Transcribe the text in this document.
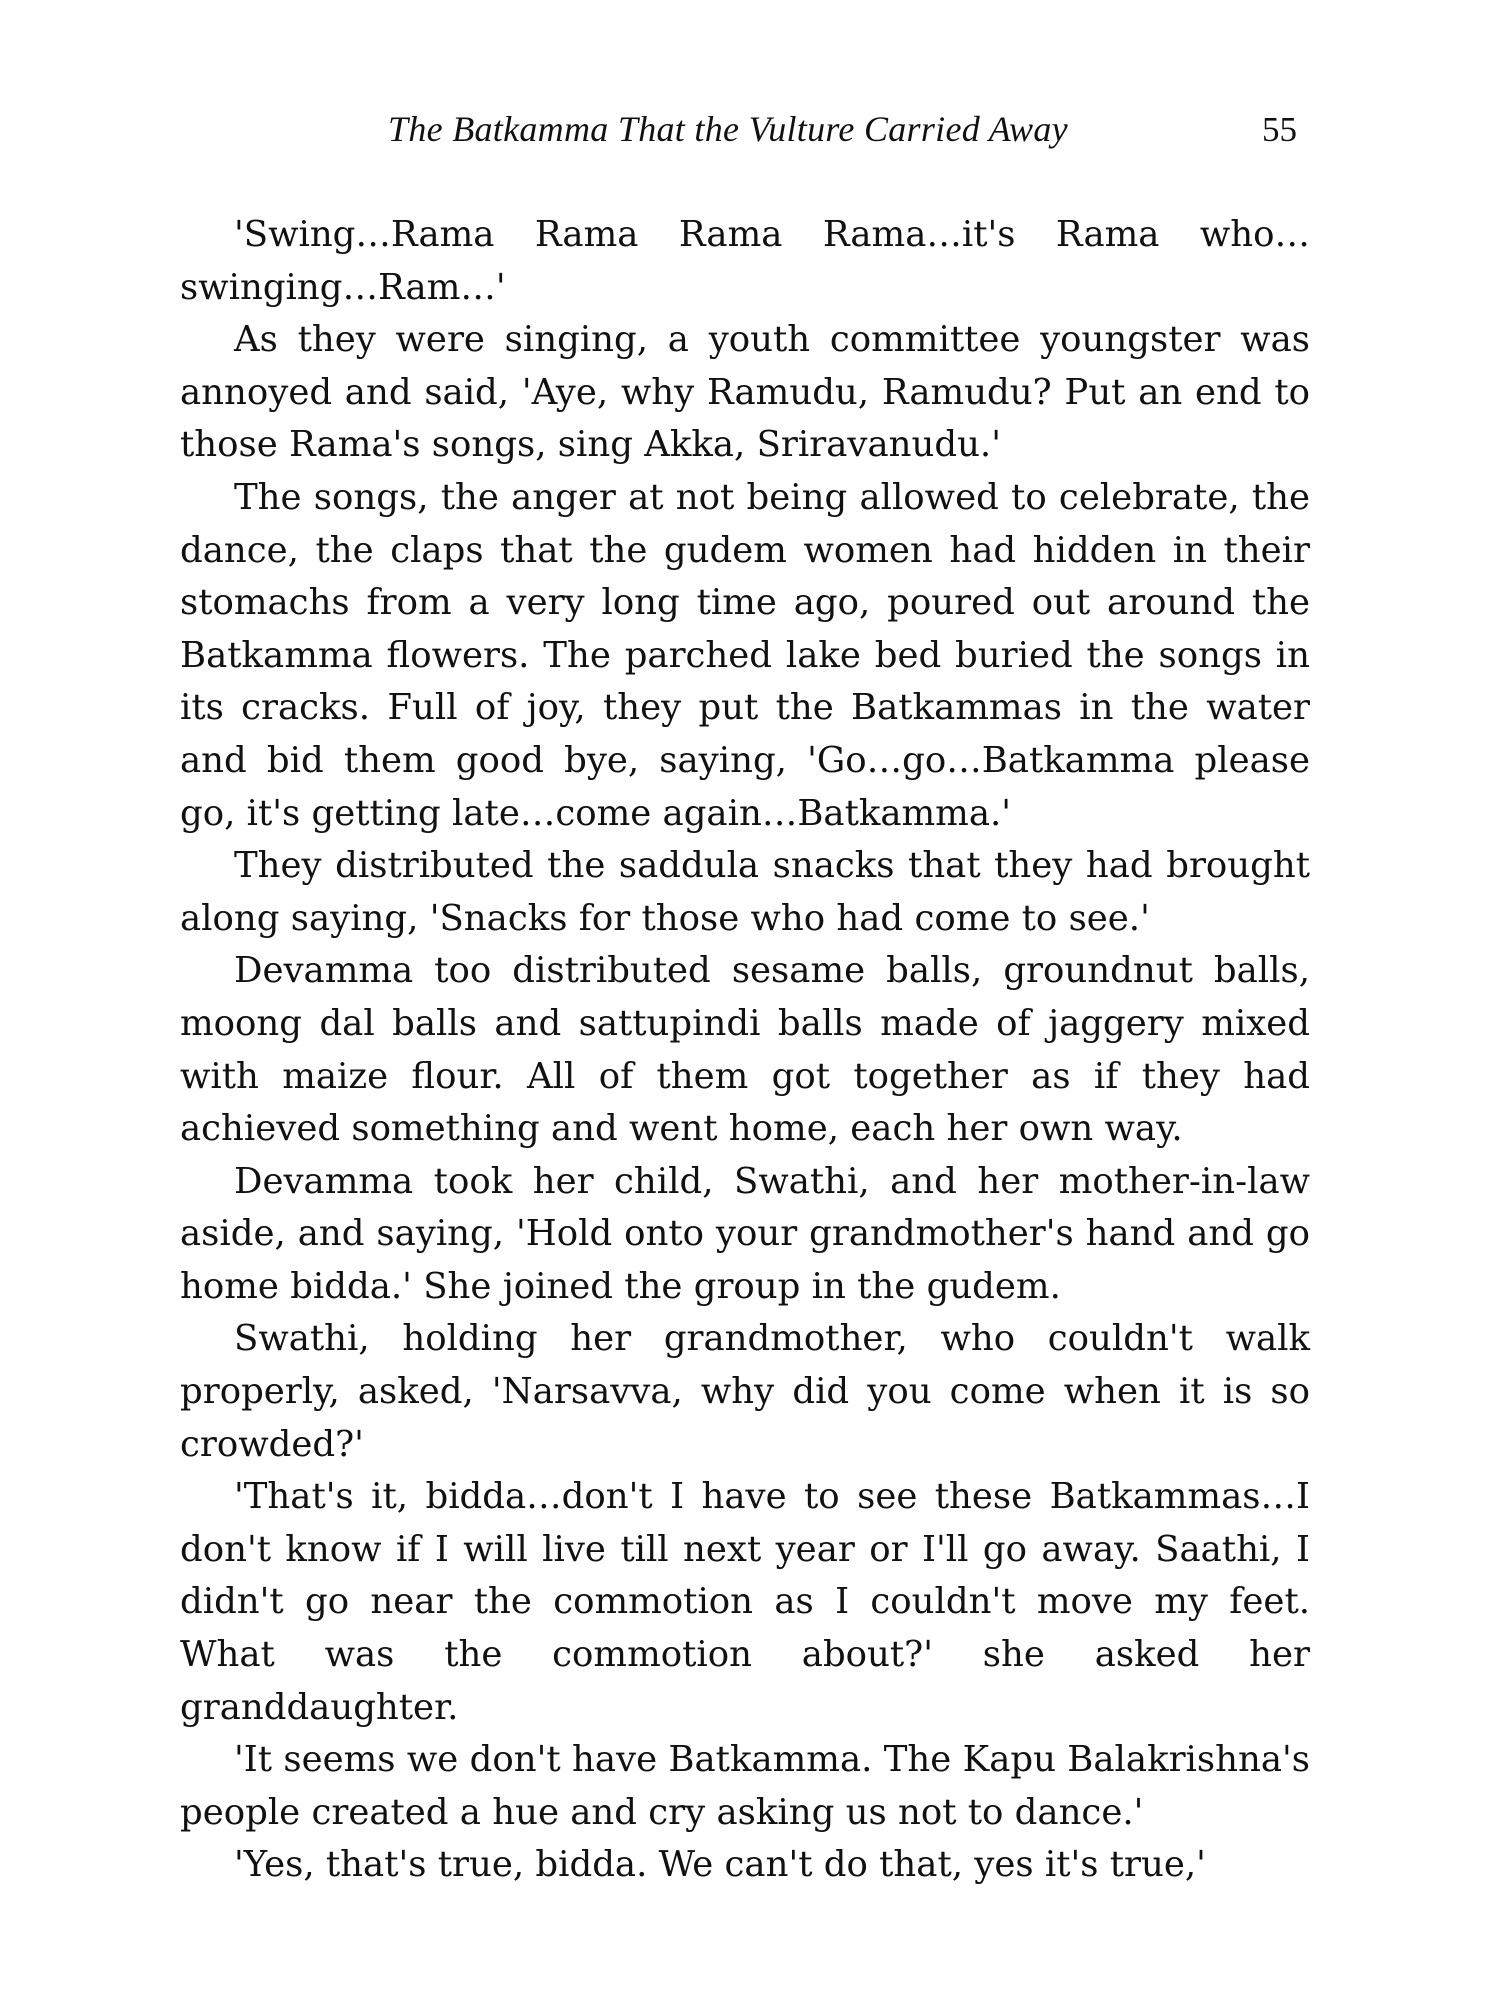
The Batkamma That the Vulture Carried Away	55

'Swing…Rama Rama Rama Rama…it's Rama who… swinging…Ram…'

As they were singing, a youth committee youngster was annoyed and said, 'Aye, why Ramudu, Ramudu? Put an end to those Rama's songs, sing Akka, Sriravanudu.'

The songs, the anger at not being allowed to celebrate, the dance, the claps that the gudem women had hidden in their stomachs from a very long time ago, poured out around the Batkamma flowers. The parched lake bed buried the songs in its cracks. Full of joy, they put the Batkammas in the water and bid them good bye, saying, 'Go…go…Batkamma please go, it's getting late…come again…Batkamma.'

They distributed the saddula snacks that they had brought along saying, 'Snacks for those who had come to see.'

Devamma too distributed sesame balls, groundnut balls, moong dal balls and sattupindi balls made of jaggery mixed with maize flour. All of them got together as if they had achieved something and went home, each her own way.

Devamma took her child, Swathi, and her mother-in-law aside, and saying, 'Hold onto your grandmother's hand and go home bidda.' She joined the group in the gudem.

Swathi, holding her grandmother, who couldn't walk properly, asked, 'Narsavva, why did you come when it is so crowded?'

'That's it, bidda…don't I have to see these Batkammas…I don't know if I will live till next year or I'll go away. Saathi, I didn't go near the commotion as I couldn't move my feet. What was the commotion about?' she asked her granddaughter.

'It seems we don't have Batkamma. The Kapu Balakrishna's people created a hue and cry asking us not to dance.'

'Yes, that's true, bidda. We can't do that, yes it's true,'
